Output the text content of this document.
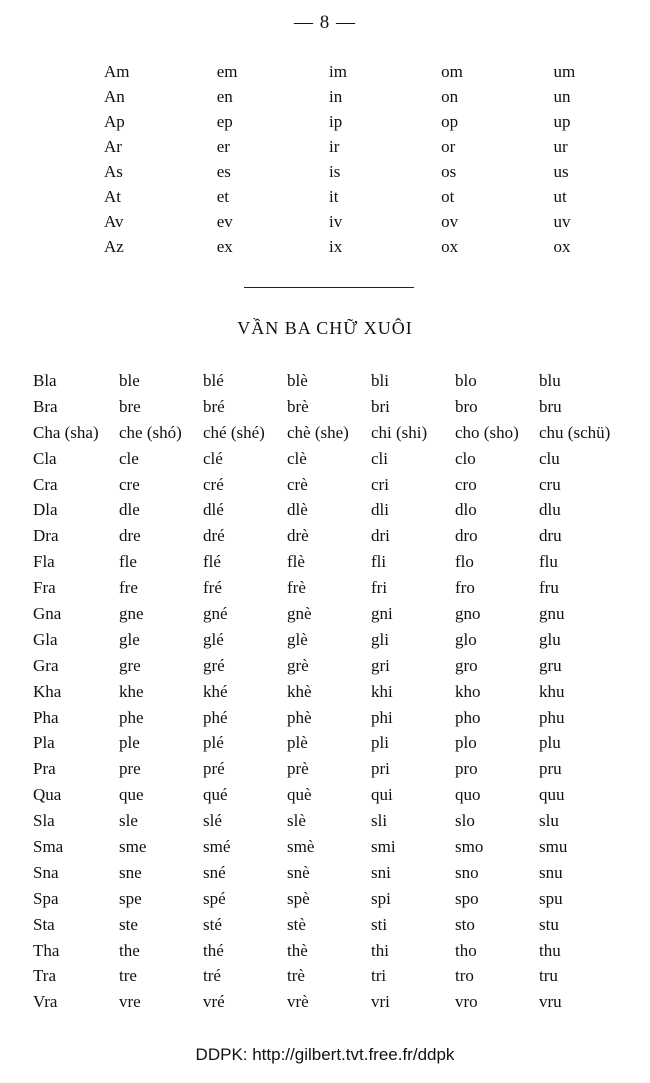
— 8 —
Am	em	im	om	um
An	en	in	on	un
Ap	ep	ip	op	up
Ar	er	ir	or	ur
As	es	is	os	us
At	et	it	ot	ut
Av	ev	iv	ov	uv
Az	ex	ix	ox	ox
VẦN BA CHỮ XUÔI
Bla	ble	blé	blè	bli	blo	blu
Bra	bre	bré	brè	bri	bro	bru
Cha (sha)	che (shó)	ché (shé)	chè (she)	chi (shi)	cho (sho)	chu (schü)
Cla	cle	clé	clè	cli	clo	clu
Cra	cre	cré	crè	cri	cro	cru
Dla	dle	dlé	dlè	dli	dlo	dlu
Dra	dre	dré	drè	dri	dro	dru
Fla	fle	flé	flè	fli	flo	flu
Fra	fre	fré	frè	fri	fro	fru
Gna	gne	gné	gnè	gni	gno	gnu
Gla	gle	glé	glè	gli	glo	glu
Gra	gre	gré	grè	gri	gro	gru
Kha	khe	khé	khè	khi	kho	khu
Pha	phe	phé	phè	phi	pho	phu
Pla	ple	plé	plè	pli	plo	plu
Pra	pre	pré	prè	pri	pro	pru
Qua	que	qué	què	qui	quo	quu
Sla	sle	slé	slè	sli	slo	slu
Sma	sme	smé	smè	smi	smo	smu
Sna	sne	sné	snè	sni	sno	snu
Spa	spe	spé	spè	spi	spo	spu
Sta	ste	sté	stè	sti	sto	stu
Tha	the	thé	thè	thi	tho	thu
Tra	tre	tré	trè	tri	tro	tru
Vra	vre	vré	vrè	vri	vro	vru
DDPK: http://gilbert.tvt.free.fr/ddpk
